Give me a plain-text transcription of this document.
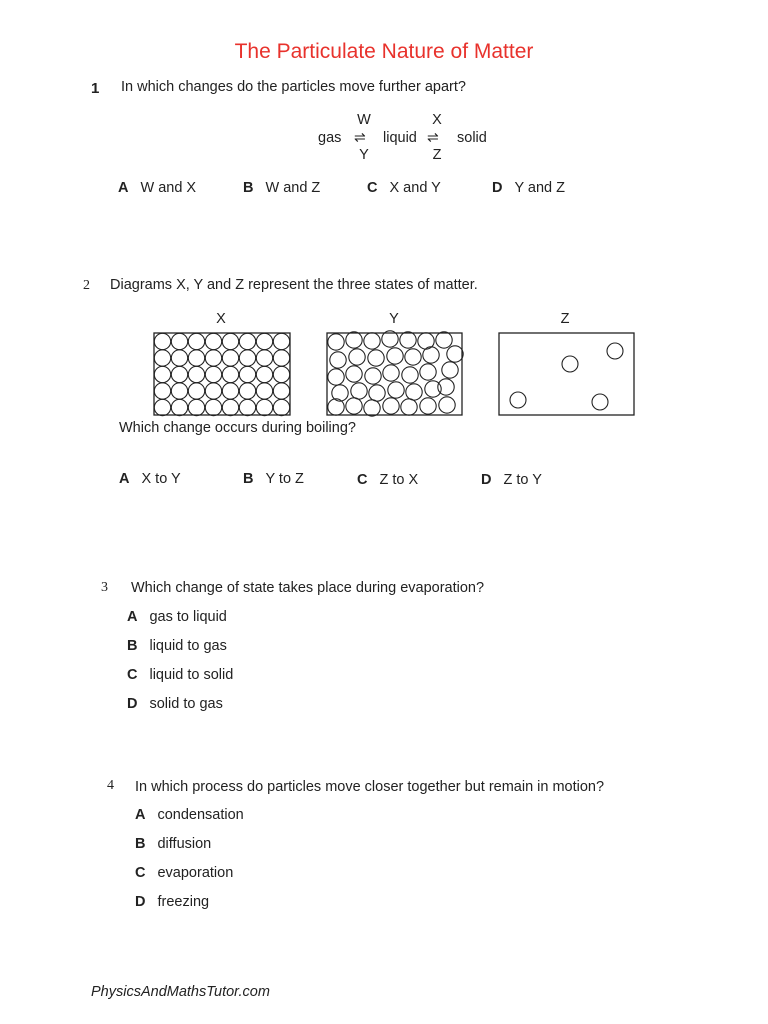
The Particulate Nature of Matter
1 In which changes do the particles move further apart?
W	X
gas ⇌ liquid ⇌ solid
Y	Z
A W and X	B W and Z	C X and Y	D Y and Z
2 Diagrams X, Y and Z represent the three states of matter.
X	Y	Z
Which change occurs during boiling?
A X to Y	B Y to Z	C Z to X	D Z to Y
3 Which change of state takes place during evaporation?
A gas to liquid
B liquid to gas
C liquid to solid
D solid to gas
4 In which process do particles move closer together but remain in motion?
A condensation
B diffusion
C evaporation
D freezing
PhysicsAndMathsTutor.com
